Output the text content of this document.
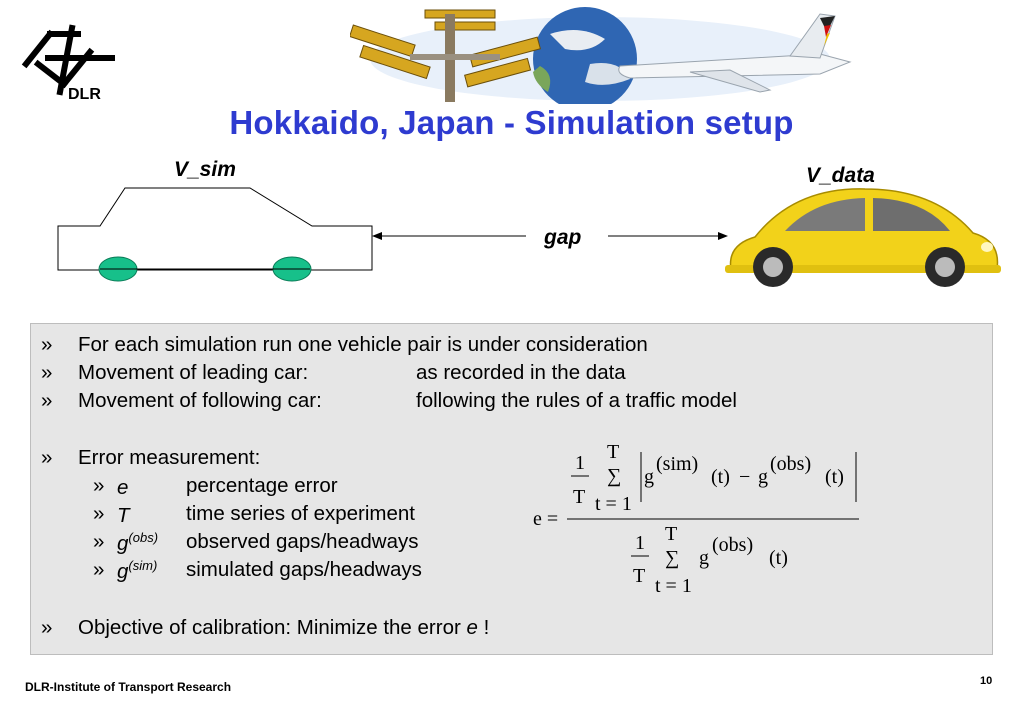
DLR
Hokkaido, Japan - Simulation setup
V_sim	V_data
gap
» For each simulation run one vehicle pair is under consideration
» Movement of leading car:	as recorded in the data
» Movement of following car:	following the rules of a traffic model
» Error measurement:
» e	percentage error
» T	time series of experiment
» $g^{(obs)}$ observed gaps/headways
» $g^{(sim)}$ simulated gaps/headways
» Objective of calibration: Minimize the error e !
e =
1
T
T
∑
t = 1
g
(sim)
(t) − g
(obs)
(t)
1
T
T
∑
t = 1
g
(obs)
(t)
DLR-Institute of Transport Research	10
